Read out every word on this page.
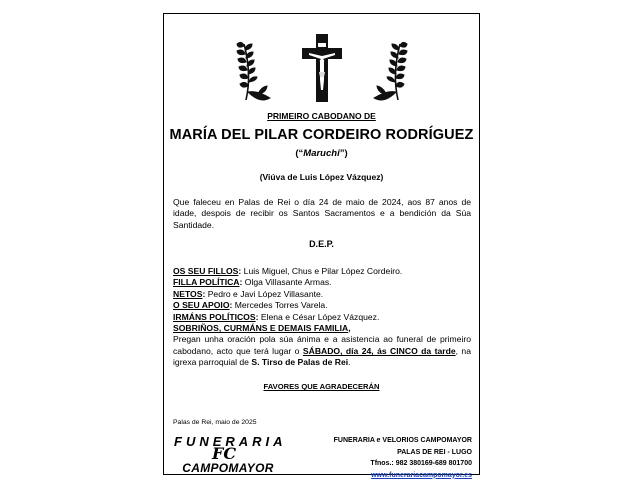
PRIMEIRO CABODANO DE
MARÍA DEL PILAR CORDEIRO RODRÍGUEZ
(“Maruchi”)
(Viúva de Luis López Vázquez)
Que faleceu en Palas de Rei o día 24 de maio de 2024, aos 87 anos de idade, despois de recibir os Santos Sacramentos e a bendición da Súa Santidade.
D.E.P.
OS SEU FILLOS: Luis Miguel, Chus e Pilar López Cordeiro.
FILLA POLÍTICA: Olga Villasante Armas.
NETOS: Pedro e Javi López Villasante.
O SEU APOIO: Mercedes Torres Varela.
IRMÁNS POLÍTICOS: Elena e César López Vázquez.
SOBRIÑOS, CURMÁNS E DEMAIS FAMILIA,
Pregan unha oración pola súa ánima e a asistencia ao funeral de primeiro cabodano, acto que terá lugar o SÁBADO, día 24, ás CINCO da tarde, na igrexa parroquial de S. Tirso de Palas de Rei.
FAVORES QUE AGRADECERÁN
Palas de Rei, maio de 2025
FUNERARIA
FC
CAMPOMAYOR
FUNERARIA e VELORIOS CAMPOMAYOR
PALAS DE REI - LUGO
Tfnos.: 982 380169-689 801700
www.funerariacampomayor.es
